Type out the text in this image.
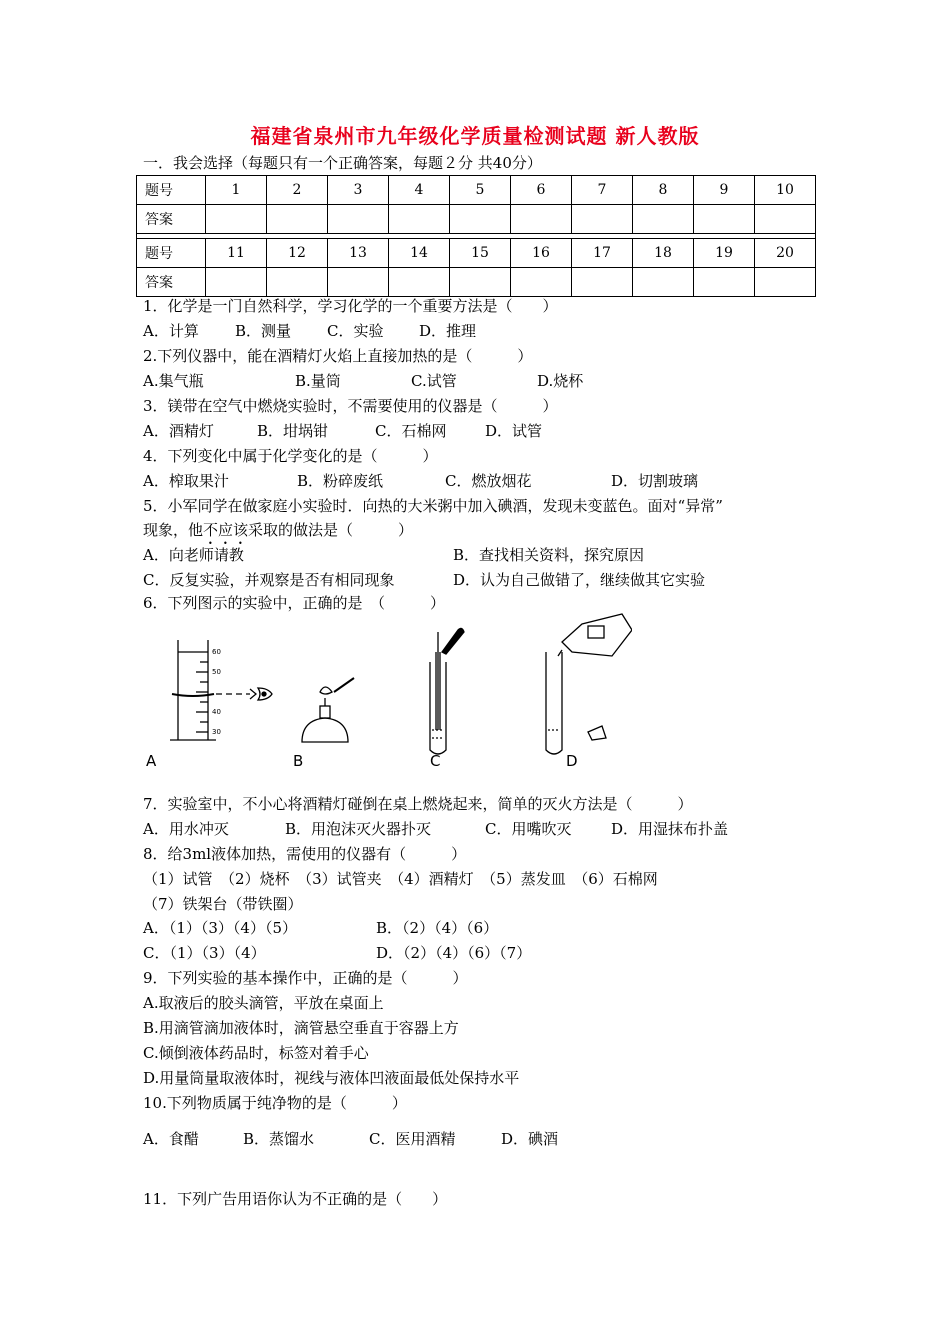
福建省泉州市九年级化学质量检测试题 新人教版
一．我会选择（每题只有一个正确答案，每题２分 共40分）
题号	1	2	3	4	5	6	7	8	9	10
答案										

题号	11	12	13	14	15	16	17	18	19	20
答案										
1．化学是一门自然科学，学习化学的一个重要方法是（　　）
A．计算 B．测量 C．实验 D．推理
2.下列仪器中，能在酒精灯火焰上直接加热的是（　　　）
A.集气瓶	B.量筒	C.试管	D.烧杯
3．镁带在空气中燃烧实验时，不需要使用的仪器是（　　　）
A．酒精灯	B．坩埚钳	C．石棉网	D．试管
4．下列变化中属于化学变化的是（　　　）
A．榨取果汁	B．粉碎废纸	C．燃放烟花	D．切割玻璃
5．小军同学在做家庭小实验时．向热的大米粥中加入碘酒，发现未变蓝色。面对“异常”
现象，他不应该采取的做法是（　　　）
A．向老师请教	B．查找相关资料，探究原因
C．反复实验，并观察是否有相同现象	D．认为自己做错了，继续做其它实验
6．下列图示的实验中，正确的是　（　　　）
60
50
40
30
A	B	C	D
7．实验室中，不小心将酒精灯碰倒在桌上燃烧起来，简单的灭火方法是（　　　）
A．用水冲灭	B．用泡沫灭火器扑灭	C．用嘴吹灭	D．用湿抹布扑盖
8．给3ml液体加热，需使用的仪器有（　　　）
（1）试管　（2）烧杯　（3）试管夹　（4）酒精灯　（5）蒸发皿　（6）石棉网
（7）铁架台（带铁圈）
A．（1）（3）（4）（5）	B．（2）（4）（6）
C．（1）（3）（4）	D．（2）（4）（6）（7）
9．下列实验的基本操作中，正确的是（　　　）
A.取液后的胶头滴管，平放在桌面上
B.用滴管滴加液体时，滴管悬空垂直于容器上方
C.倾倒液体药品时，标签对着手心
D.用量筒量取液体时，视线与液体凹液面最低处保持水平
10.下列物质属于纯净物的是（　　　）
A．食醋	B．蒸馏水	C．医用酒精	D．碘酒
11．下列广告用语你认为不正确的是（　　）
